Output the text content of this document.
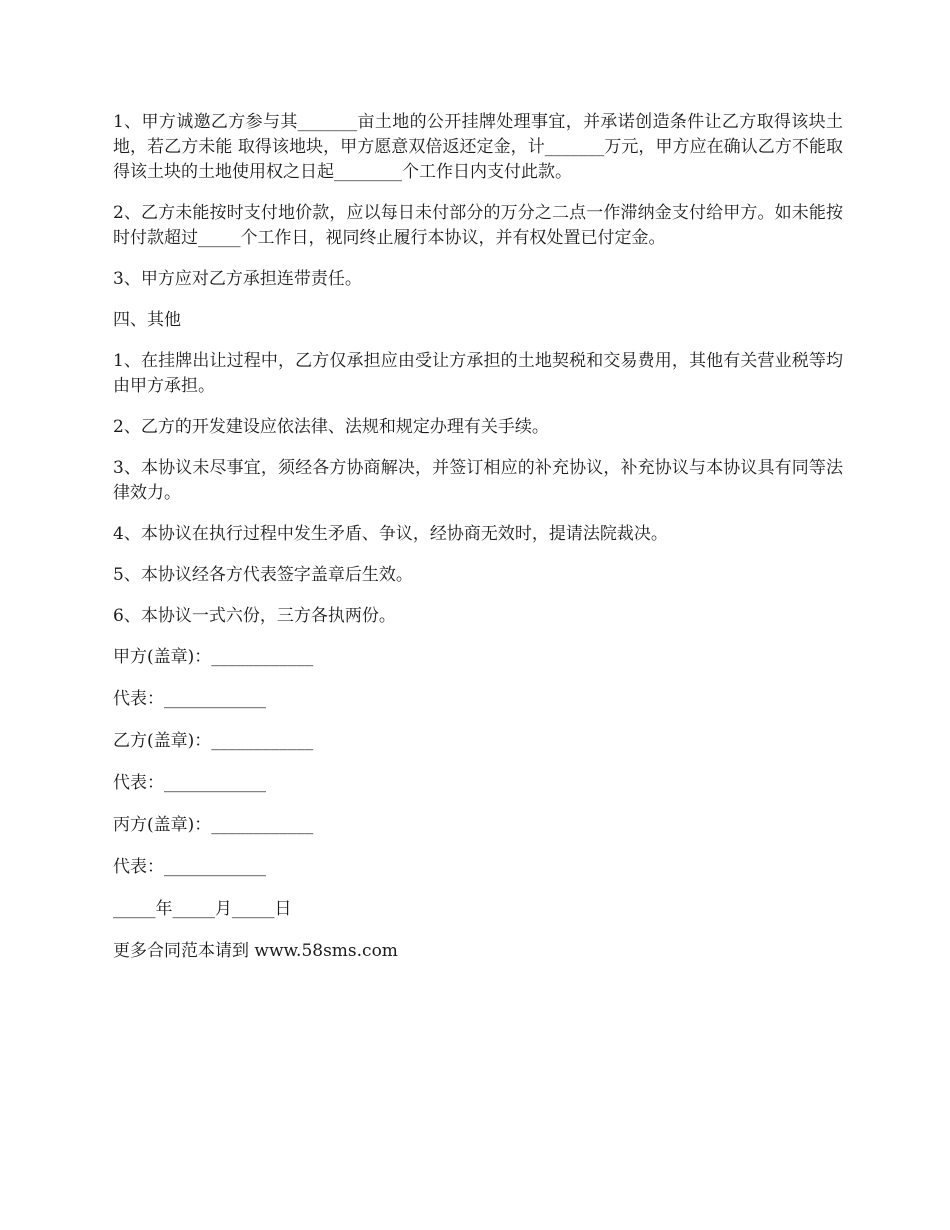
1、甲方诚邀乙方参与其_______亩土地的公开挂牌处理事宜，并承诺创造条件让乙方取得该块土地，若乙方未能 取得该地块，甲方愿意双倍返还定金，计_______万元，甲方应在确认乙方不能取得该土块的土地使用权之日起________个工作日内支付此款。

2、乙方未能按时支付地价款，应以每日未付部分的万分之二点一作滞纳金支付给甲方。如未能按时付款超过_____个工作日，视同终止履行本协议，并有权处置已付定金。

3、甲方应对乙方承担连带责任。

四、其他

1、在挂牌出让过程中，乙方仅承担应由受让方承担的土地契税和交易费用，其他有关营业税等均由甲方承担。

2、乙方的开发建设应依法律、法规和规定办理有关手续。

3、本协议未尽事宜，须经各方协商解决，并签订相应的补充协议，补充协议与本协议具有同等法律效力。

4、本协议在执行过程中发生矛盾、争议，经协商无效时，提请法院裁决。

5、本协议经各方代表签字盖章后生效。

6、本协议一式六份，三方各执两份。

甲方(盖章)：____________

代表：____________

乙方(盖章)：____________

代表：____________

丙方(盖章)：____________

代表：____________

_____年_____月_____日

更多合同范本请到 www.58sms.com
